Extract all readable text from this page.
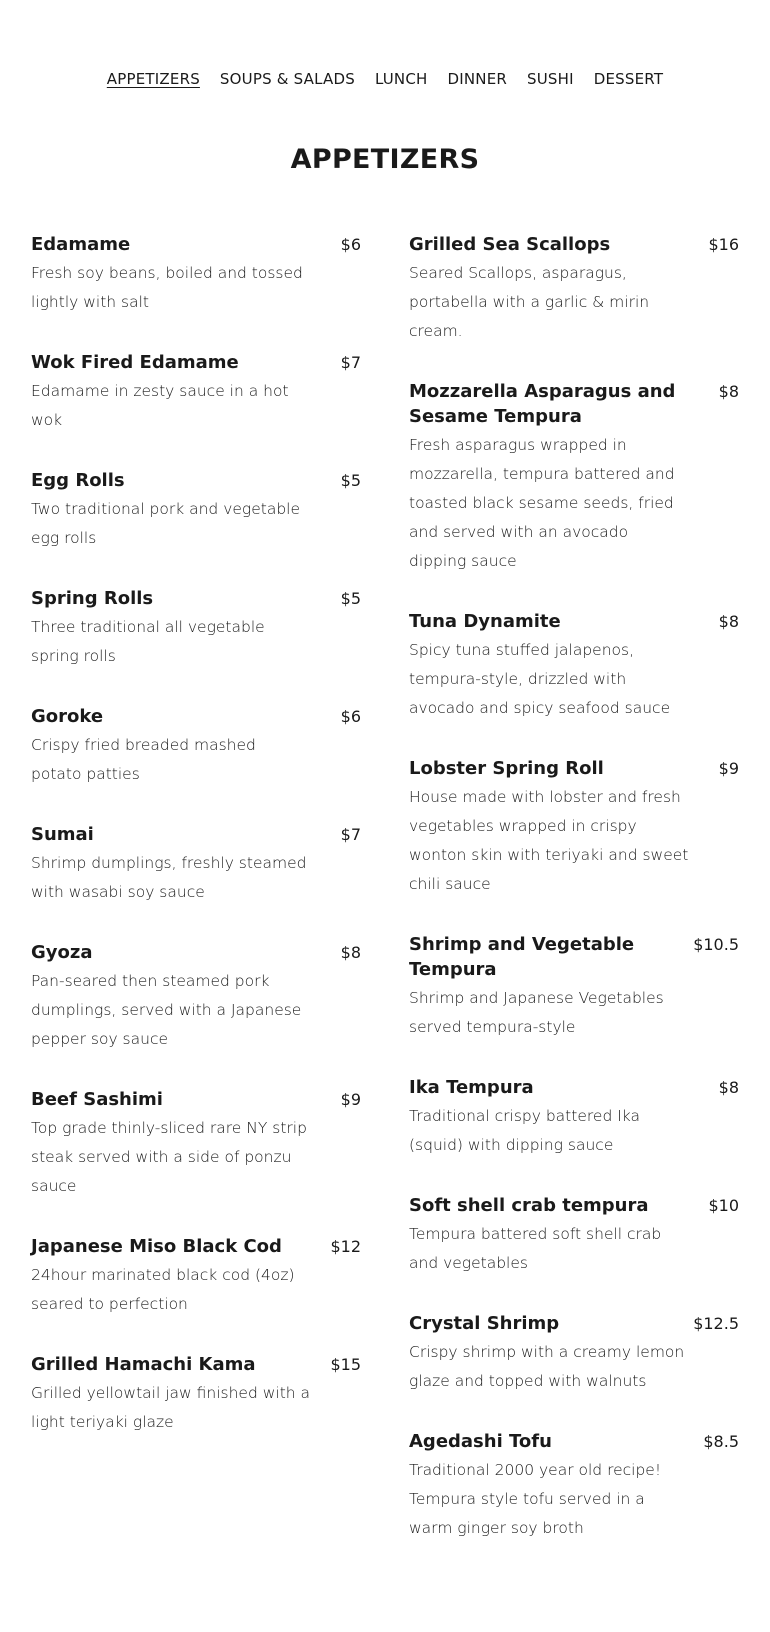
APPETIZERS SOUPS & SALADS LUNCH DINNER SUSHI DESSERT
APPETIZERS
Edamame	$6
Fresh soy beans, boiled and tossed lightly with salt
Wok Fired Edamame	$7
Edamame in zesty sauce in a hot wok
Egg Rolls	$5
Two traditional pork and vegetable egg rolls
Spring Rolls	$5
Three traditional all vegetable spring rolls
Goroke	$6
Crispy fried breaded mashed potato patties
Sumai	$7
Shrimp dumplings, freshly steamed with wasabi soy sauce
Gyoza	$8
Pan-seared then steamed pork dumplings, served with a Japanese pepper soy sauce
Beef Sashimi	$9
Top grade thinly-sliced rare NY strip steak served with a side of ponzu sauce
Japanese Miso Black Cod	$12
24hour marinated black cod (4oz) seared to perfection
Grilled Hamachi Kama	$15
Grilled yellowtail jaw finished with a light teriyaki glaze
Grilled Sea Scallops	$16
Seared Scallops, asparagus, portabella with a garlic & mirin cream.
Mozzarella Asparagus and Sesame Tempura
$8
Fresh asparagus wrapped in mozzarella, tempura battered and toasted black sesame seeds, fried and served with an avocado dipping sauce
Tuna Dynamite	$8
Spicy tuna stuffed jalapenos, tempura-style, drizzled with avocado and spicy seafood sauce
Lobster Spring Roll	$9
House made with lobster and fresh vegetables wrapped in crispy wonton skin with teriyaki and sweet chili sauce
Shrimp and Vegetable Tempura
$10.5
Shrimp and Japanese Vegetables served tempura-style
Ika Tempura	$8
Traditional crispy battered Ika (squid) with dipping sauce
Soft shell crab tempura	$10
Tempura battered soft shell crab and vegetables
Crystal Shrimp	$12.5
Crispy shrimp with a creamy lemon glaze and topped with walnuts
Agedashi Tofu	$8.5
Traditional 2000 year old recipe! Tempura style tofu served in a warm ginger soy broth
